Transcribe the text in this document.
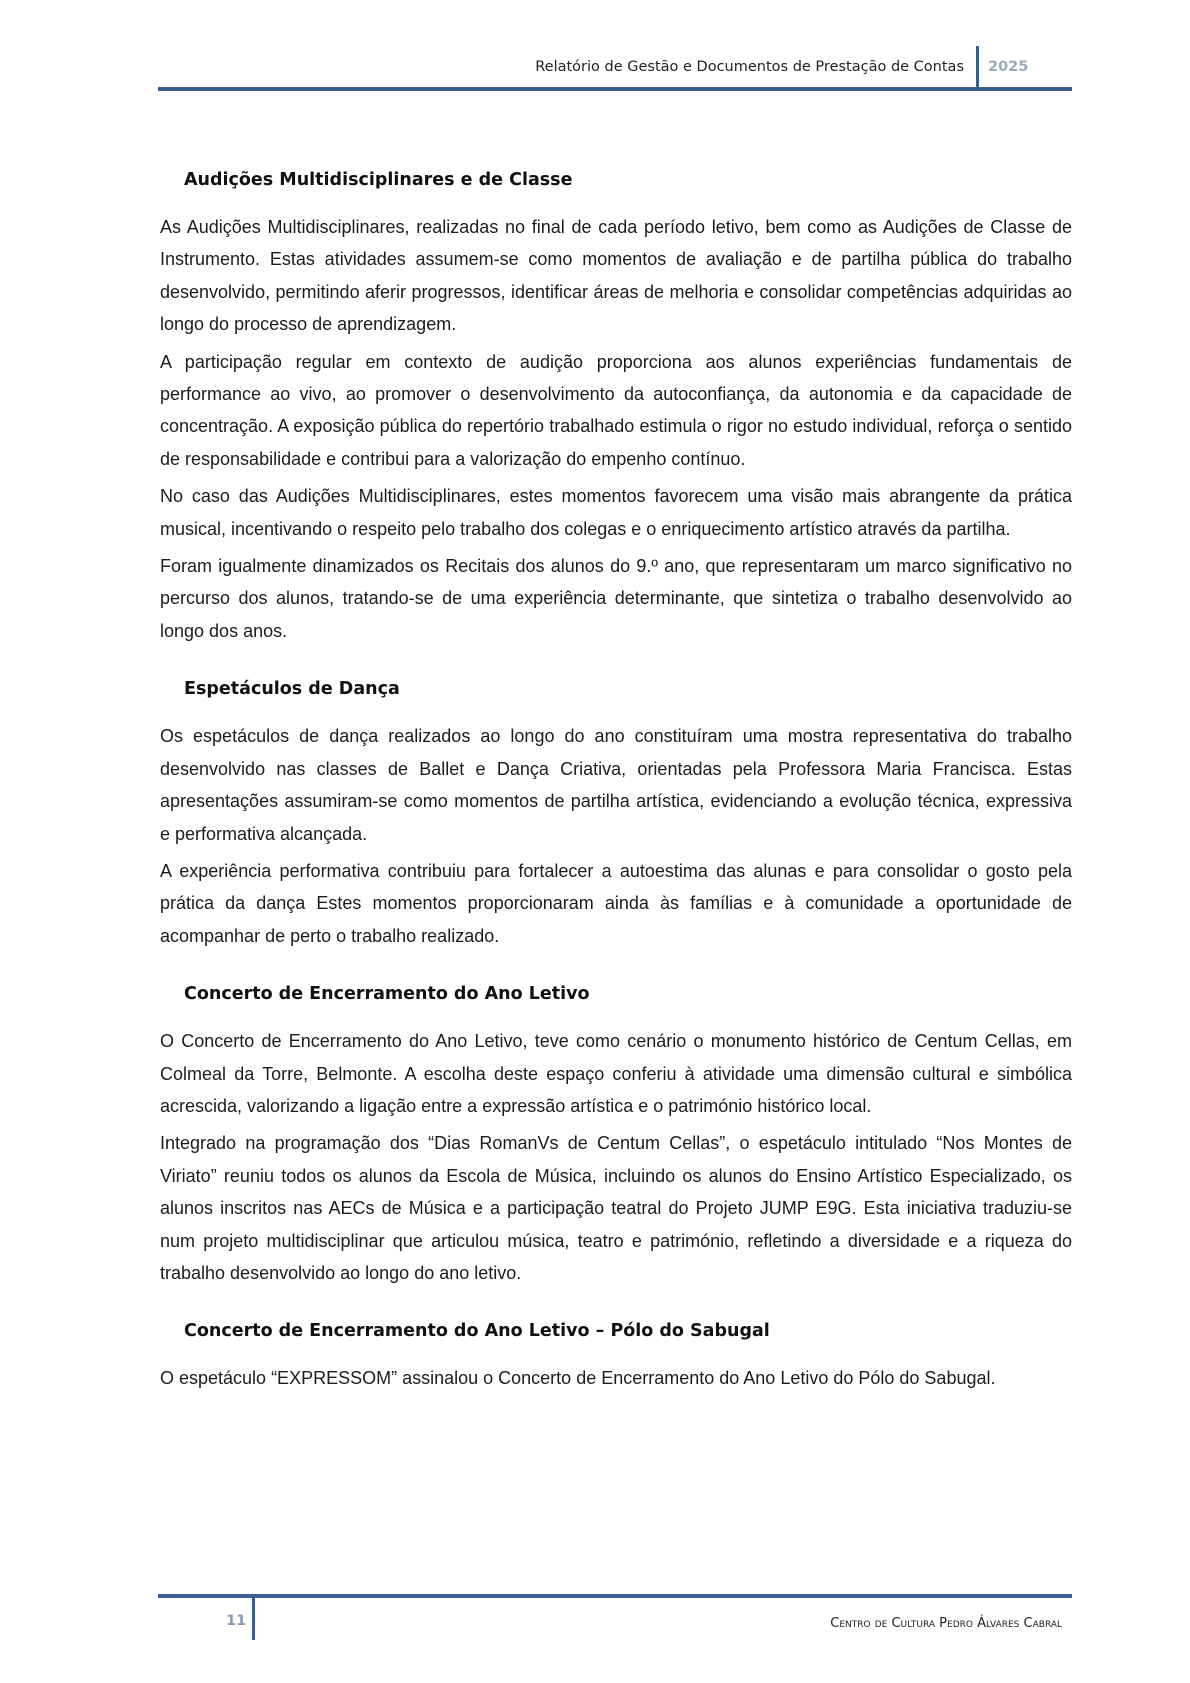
Relatório de Gestão e Documentos de Prestação de Contas 2025
Audições Multidisciplinares e de Classe

As Audições Multidisciplinares, realizadas no final de cada período letivo, bem como as Audições de Classe de Instrumento. Estas atividades assumem-se como momentos de avaliação e de partilha pública do trabalho desenvolvido, permitindo aferir progressos, identificar áreas de melhoria e consolidar competências adquiridas ao longo do processo de aprendizagem.

A participação regular em contexto de audição proporciona aos alunos experiências fundamentais de performance ao vivo, ao promover o desenvolvimento da autoconfiança, da autonomia e da capacidade de concentração. A exposição pública do repertório trabalhado estimula o rigor no estudo individual, reforça o sentido de responsabilidade e contribui para a valorização do empenho contínuo.

No caso das Audições Multidisciplinares, estes momentos favorecem uma visão mais abrangente da prática musical, incentivando o respeito pelo trabalho dos colegas e o enriquecimento artístico através da partilha.

Foram igualmente dinamizados os Recitais dos alunos do 9.º ano, que representaram um marco significativo no percurso dos alunos, tratando-se de uma experiência determinante, que sintetiza o trabalho desenvolvido ao longo dos anos.

Espetáculos de Dança

Os espetáculos de dança realizados ao longo do ano constituíram uma mostra representativa do trabalho desenvolvido nas classes de Ballet e Dança Criativa, orientadas pela Professora Maria Francisca. Estas apresentações assumiram-se como momentos de partilha artística, evidenciando a evolução técnica, expressiva e performativa alcançada.

A experiência performativa contribuiu para fortalecer a autoestima das alunas e para consolidar o gosto pela prática da dança Estes momentos proporcionaram ainda às famílias e à comunidade a oportunidade de acompanhar de perto o trabalho realizado.

Concerto de Encerramento do Ano Letivo

O Concerto de Encerramento do Ano Letivo, teve como cenário o monumento histórico de Centum Cellas, em Colmeal da Torre, Belmonte. A escolha deste espaço conferiu à atividade uma dimensão cultural e simbólica acrescida, valorizando a ligação entre a expressão artística e o património histórico local.

Integrado na programação dos “Dias RomanVs de Centum Cellas”, o espetáculo intitulado “Nos Montes de Viriato” reuniu todos os alunos da Escola de Música, incluindo os alunos do Ensino Artístico Especializado, os alunos inscritos nas AECs de Música e a participação teatral do Projeto JUMP E9G. Esta iniciativa traduziu-se num projeto multidisciplinar que articulou música, teatro e património, refletindo a diversidade e a riqueza do trabalho desenvolvido ao longo do ano letivo.

Concerto de Encerramento do Ano Letivo – Pólo do Sabugal

O espetáculo “EXPRESSOM” assinalou o Concerto de Encerramento do Ano Letivo do Pólo do Sabugal.

11	Centro de Cultura Pedro Álvares Cabral
